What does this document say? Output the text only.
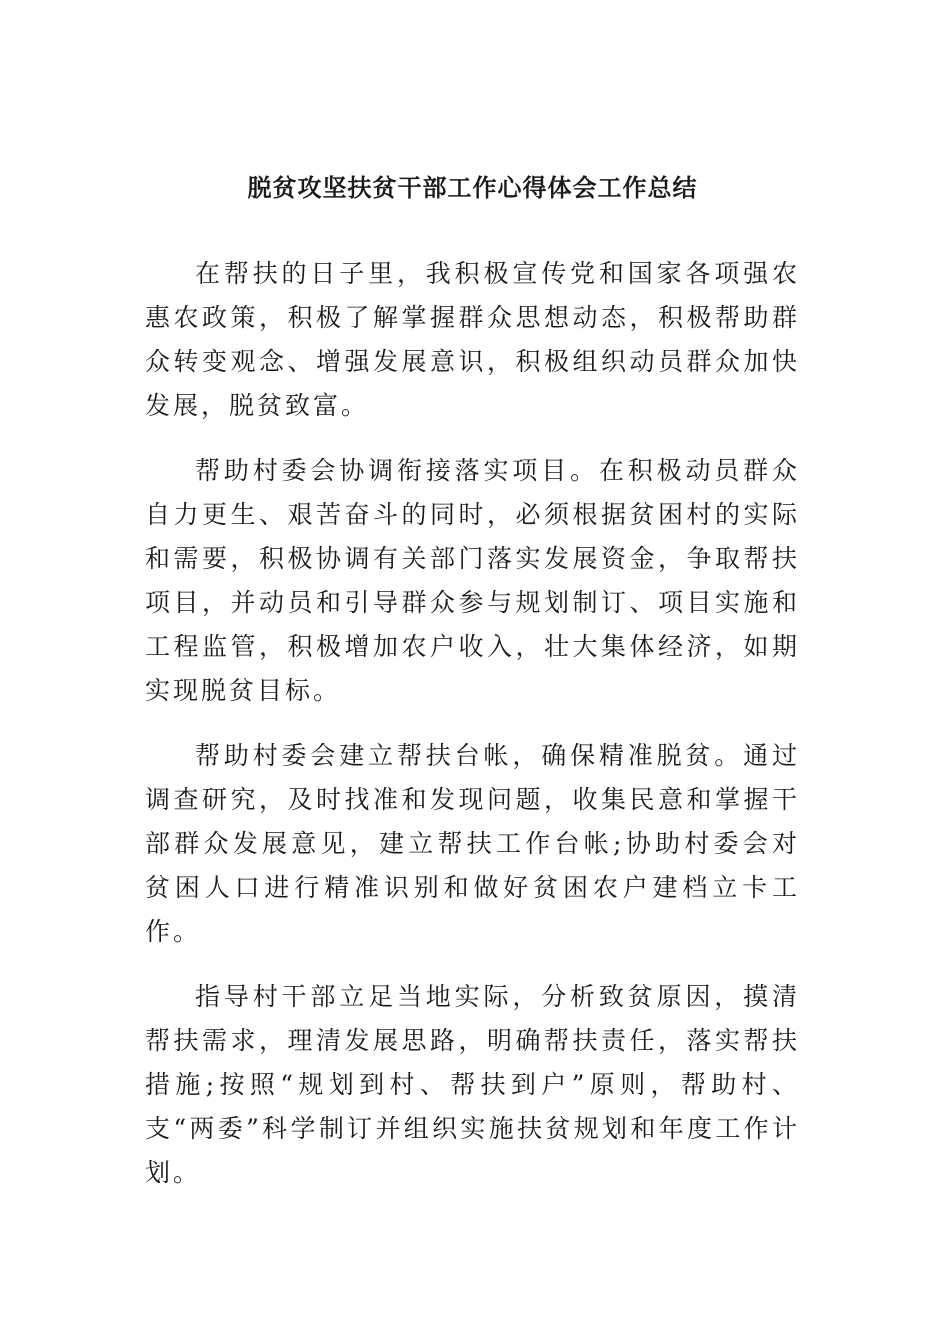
脱贫攻坚扶贫干部工作心得体会工作总结

在帮扶的日子里，我积极宣传党和国家各项强农惠农政策，积极了解掌握群众思想动态，积极帮助群众转变观念、增强发展意识，积极组织动员群众加快发展，脱贫致富。

帮助村委会协调衔接落实项目。在积极动员群众自力更生、艰苦奋斗的同时，必须根据贫困村的实际和需要，积极协调有关部门落实发展资金，争取帮扶项目，并动员和引导群众参与规划制订、项目实施和工程监管，积极增加农户收入，壮大集体经济，如期实现脱贫目标。

帮助村委会建立帮扶台帐，确保精准脱贫。通过调查研究，及时找准和发现问题，收集民意和掌握干部群众发展意见，建立帮扶工作台帐;协助村委会对贫困人口进行精准识别和做好贫困农户建档立卡工作。

指导村干部立足当地实际，分析致贫原因，摸清帮扶需求，理清发展思路，明确帮扶责任，落实帮扶措施;按照“规划到村、帮扶到户”原则，帮助村、支“两委”科学制订并组织实施扶贫规划和年度工作计划。
